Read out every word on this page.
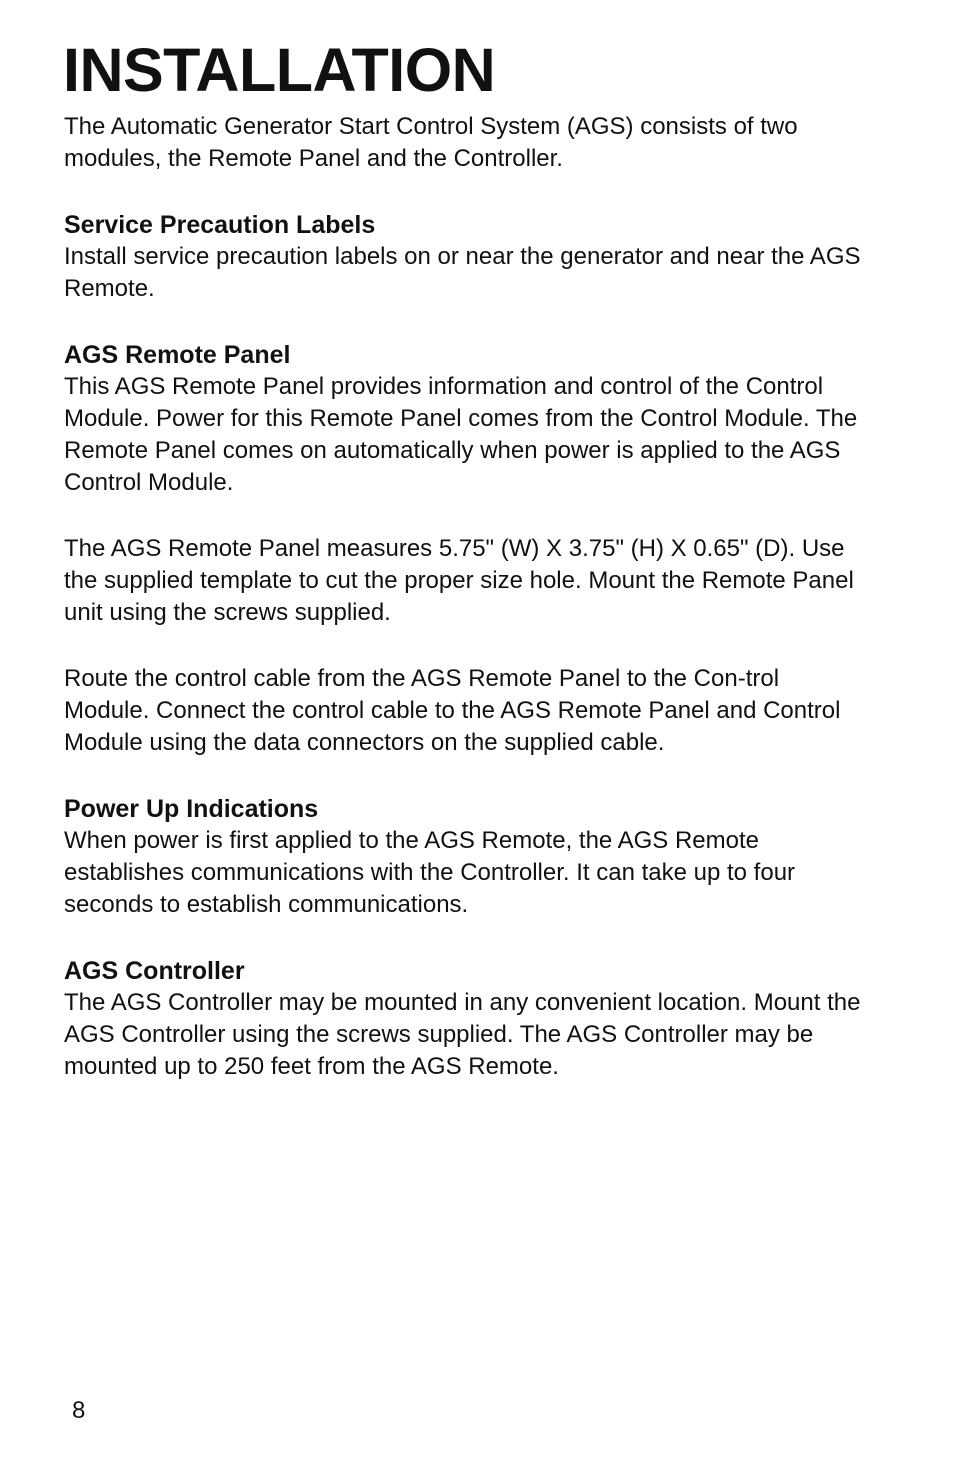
INSTALLATION

The Automatic Generator Start Control System (AGS) consists of two modules, the Remote Panel and the Controller.

Service Precaution Labels

Install service precaution labels on or near the generator and near the AGS Remote.

AGS Remote Panel

This AGS Remote Panel provides information and control of the Control Module. Power for this Remote Panel comes from the Control Module. The Remote Panel comes on automatically when power is applied to the AGS Control Module.

The AGS Remote Panel measures 5.75" (W) X 3.75" (H) X 0.65" (D). Use the supplied template to cut the proper size hole. Mount the Remote Panel unit using the screws supplied.

Route the control cable from the AGS Remote Panel to the Con-trol Module. Connect the control cable to the AGS Remote Panel and Control Module using the data connectors on the supplied cable.

Power Up Indications

When power is first applied to the AGS Remote, the AGS Remote establishes communications with the Controller. It can take up to four seconds to establish communications.

AGS Controller

The AGS Controller may be mounted in any convenient location. Mount the AGS Controller using the screws supplied. The AGS Controller may be mounted up to 250 feet from the AGS Remote.

8
